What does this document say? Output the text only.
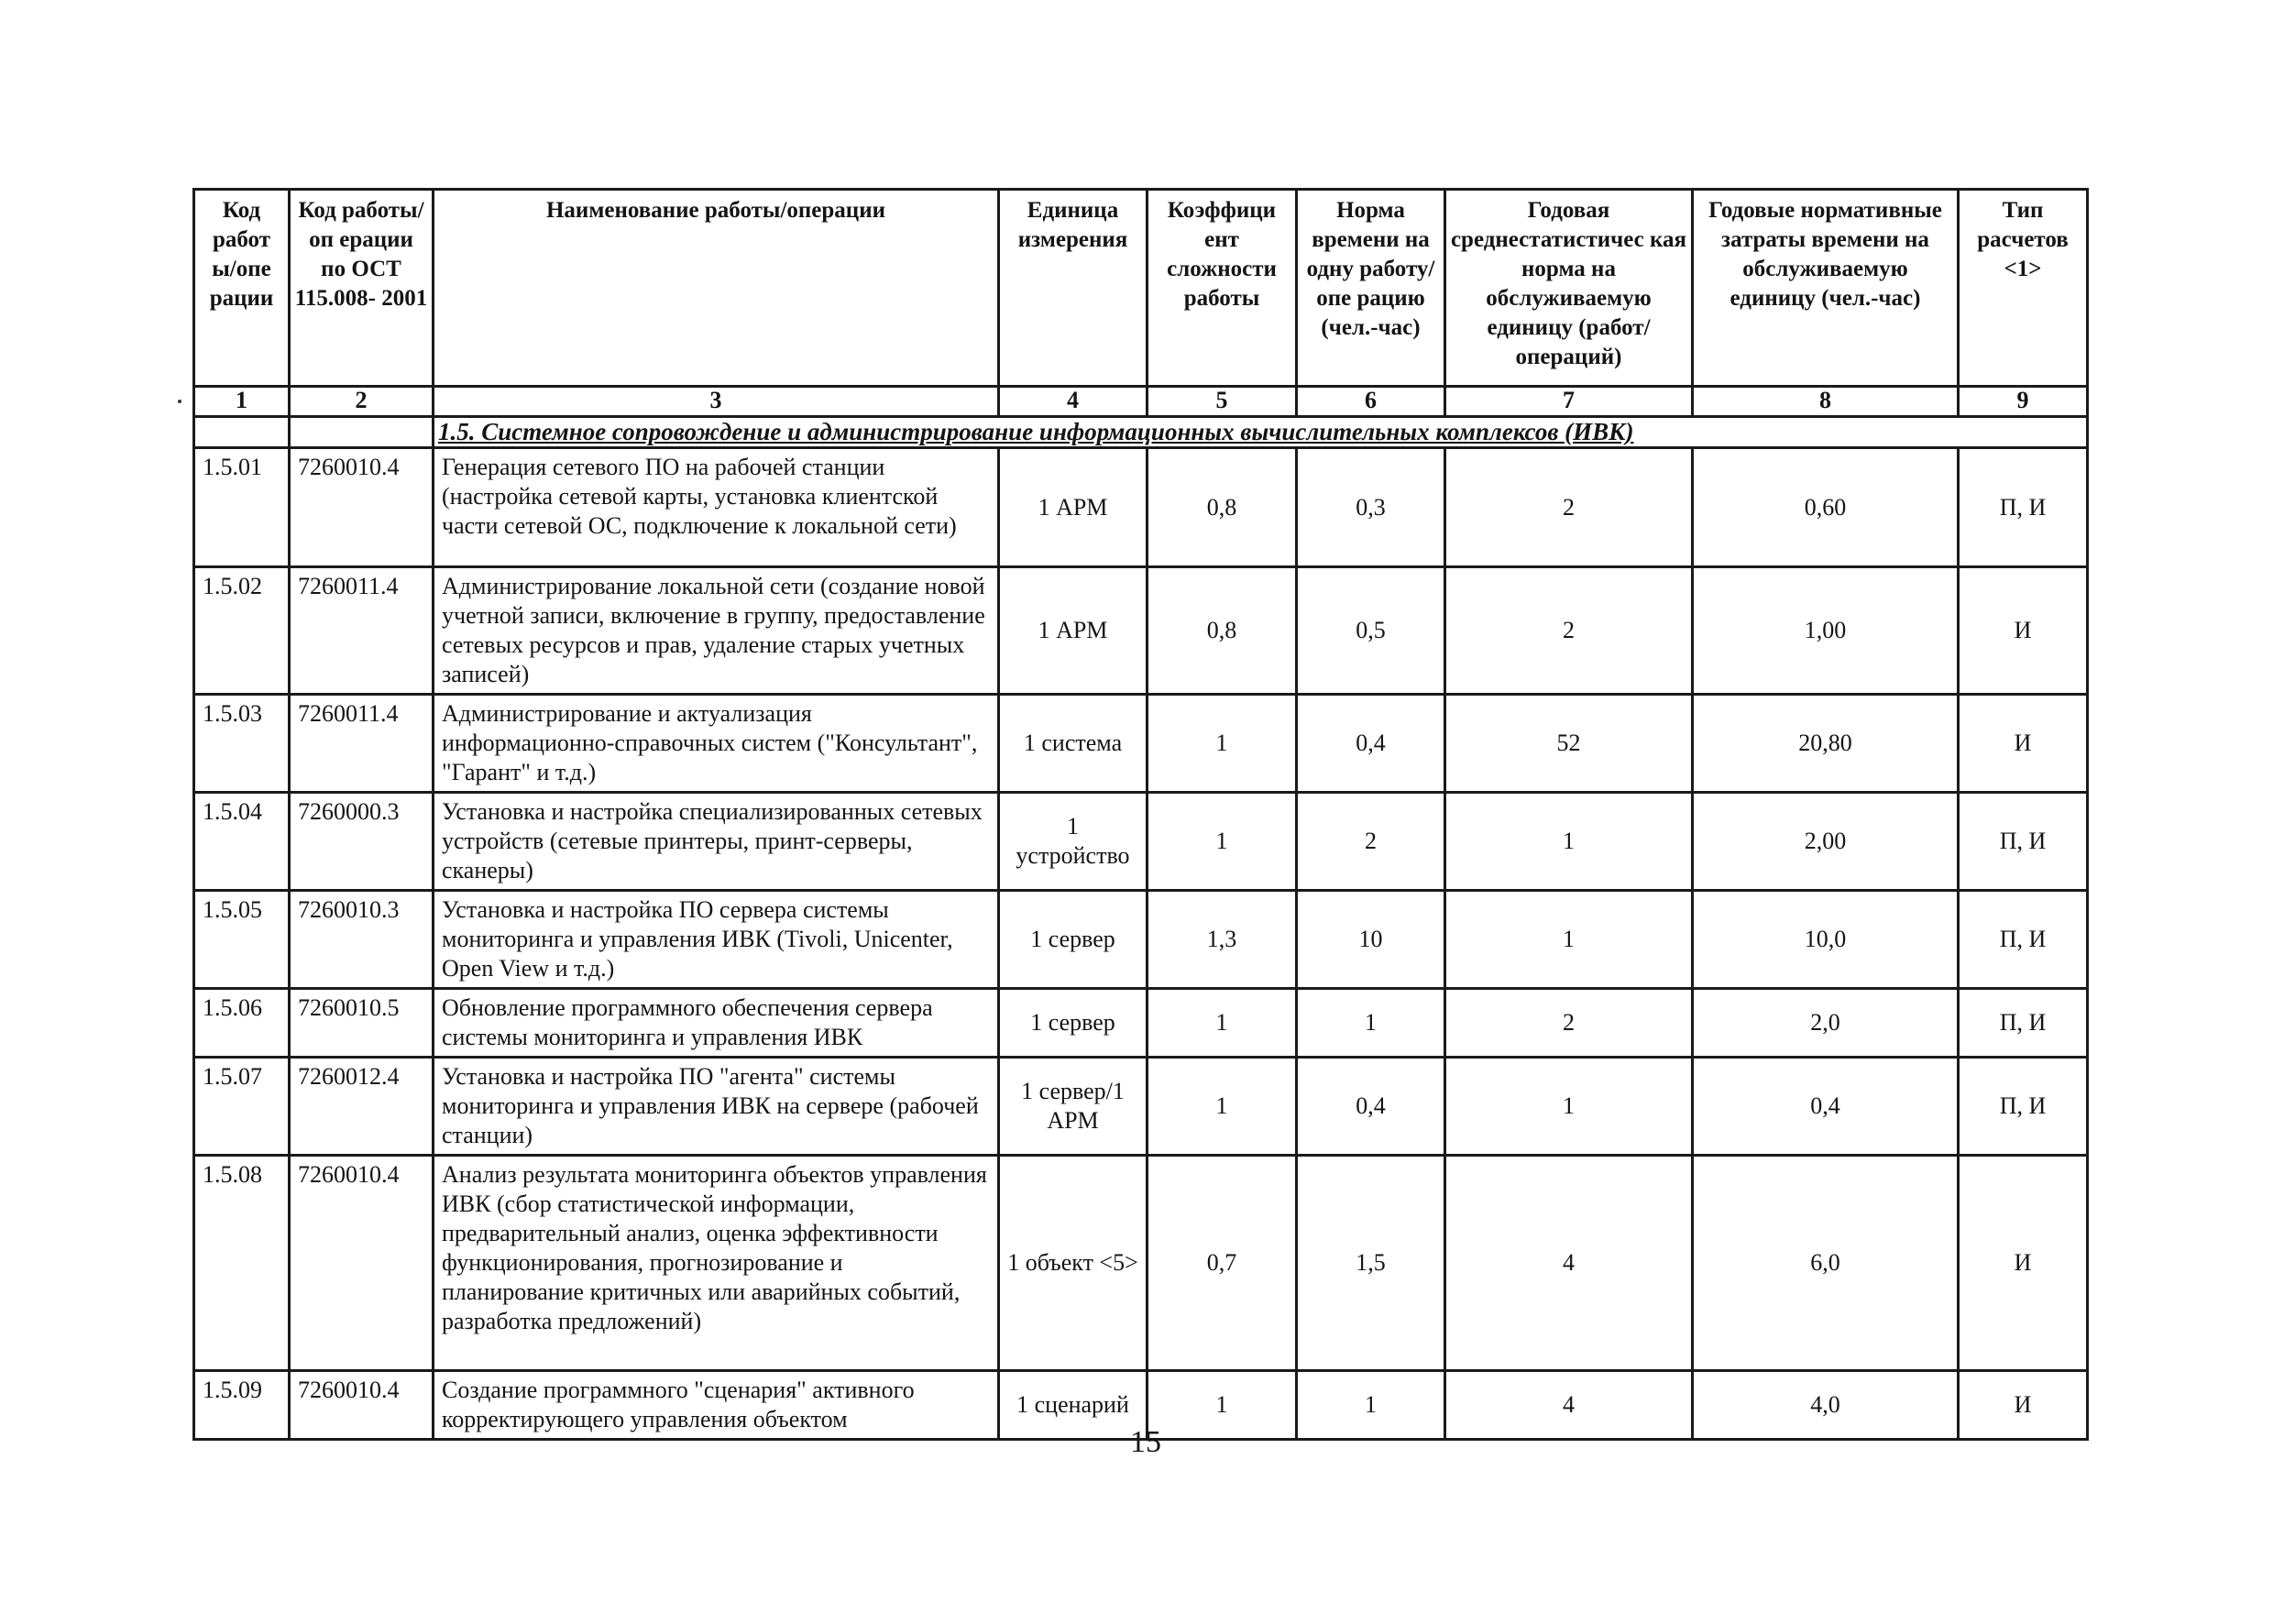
Код работ ы/опе рации	Код работы/оп ерации по ОСТ 115.008- 2001	Наименование работы/операции	Единица измерения	Коэффици ент сложности работы	Норма времени на одну работу/опе рацию (чел.-час)	Годовая среднестатистичес кая норма на обслуживаемую единицу (работ/операций)	Годовые нормативные затраты времени на обслуживаемую единицу (чел.-час)	Тип расчетов <1>
1	2	3	4	5	6	7	8	9
		1.5. Системное сопровождение и администрирование информационных вычислительных комплексов (ИВК)						
1.5.01	7260010.4	Генерация сетевого ПО на рабочей станции (настройка сетевой карты, установка клиентской части сетевой ОС, подключение к локальной сети)	1 АРМ	0,8	0,3	2	0,60	П, И
1.5.02	7260011.4	Администрирование локальной сети (создание новой учетной записи, включение в группу, предоставление сетевых ресурсов и прав, удаление старых учетных записей)	1 АРМ	0,8	0,5	2	1,00	И
1.5.03	7260011.4	Администрирование и актуализация информационно-справочных систем ("Консультант", "Гарант" и т.д.)	1 система	1	0,4	52	20,80	И
1.5.04	7260000.3	Установка и настройка специализированных сетевых устройств (сетевые принтеры, принт-серверы, сканеры)	1 устройство	1	2	1	2,00	П, И
1.5.05	7260010.3	Установка и настройка ПО сервера системы мониторинга и управления ИВК (Tivoli, Unicenter, Open View и т.д.)	1 сервер	1,3	10	1	10,0	П, И
1.5.06	7260010.5	Обновление программного обеспечения сервера системы мониторинга и управления ИВК	1 сервер	1	1	2	2,0	П, И
1.5.07	7260012.4	Установка и настройка ПО "агента" системы мониторинга и управления ИВК на сервере (рабочей станции)	1 сервер/1 АРМ	1	0,4	1	0,4	П, И
1.5.08	7260010.4	Анализ результата мониторинга объектов управления ИВК (сбор статистической информации, предварительный анализ, оценка эффективности функционирования, прогнозирование и планирование критичных или аварийных событий, разработка предложений)	1 объект <5>	0,7	1,5	4	6,0	И
1.5.09	7260010.4	Создание программного "сценария" активного корректирующего управления объектом	1 сценарий	1	1	4	4,0	И
15
